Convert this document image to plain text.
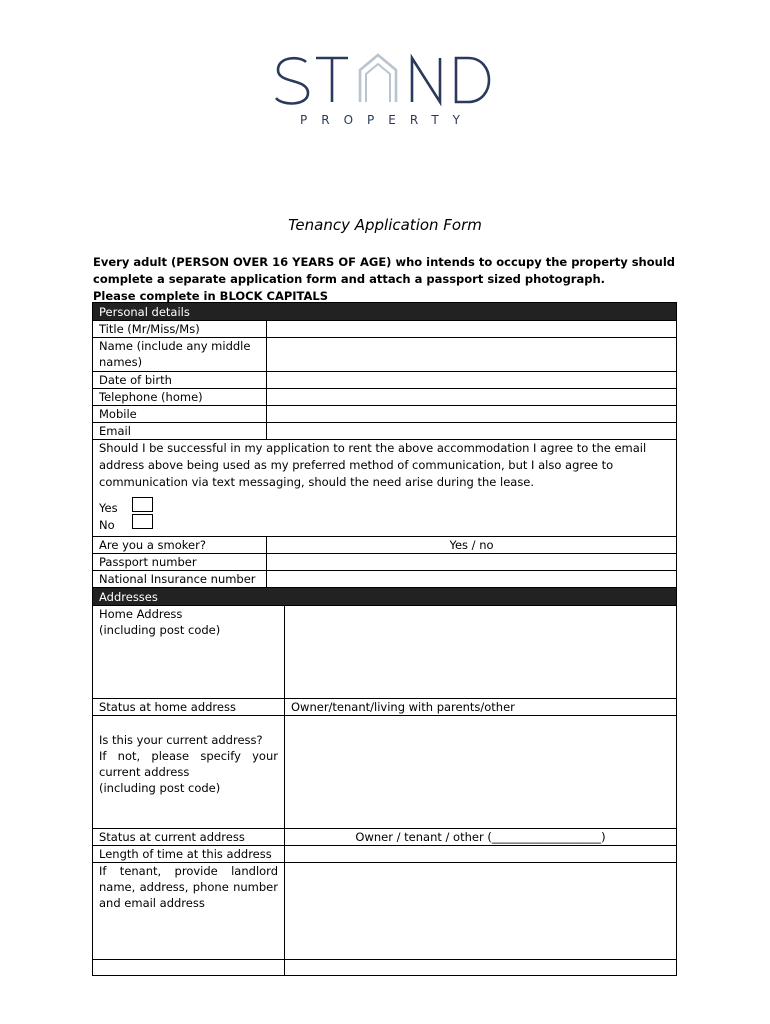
PROPERTY
Tenancy Application Form

Every adult (PERSON OVER 16 YEARS OF AGE) who intends to occupy the property should complete a separate application form and attach a passport sized photograph.

Please complete in BLOCK CAPITALS

Personal details		
Title (Mr/Miss/Ms)		
Name (include any middle names)		
Date of birth		
Telephone (home)		
Mobile		
Email		

Should I be successful in my application to rent the above accommodation I agree to the email address above being used as my preferred method of communication, but I also agree to communication via text messaging, should the need arise during the lease.

Yes
No		

Are you a smoker?	Yes / no	
Passport number		
National Insurance number		
Addresses		

Home Address
(including post code)		

Status at home address		Owner/tenant/living with parents/other

Is this your current address?
If not, please specify your current address
(including post code)		

Status at current address		Owner / tenant / other (___________________)
Length of time at this address		
If tenant, provide landlord name, address, phone number and email address		
